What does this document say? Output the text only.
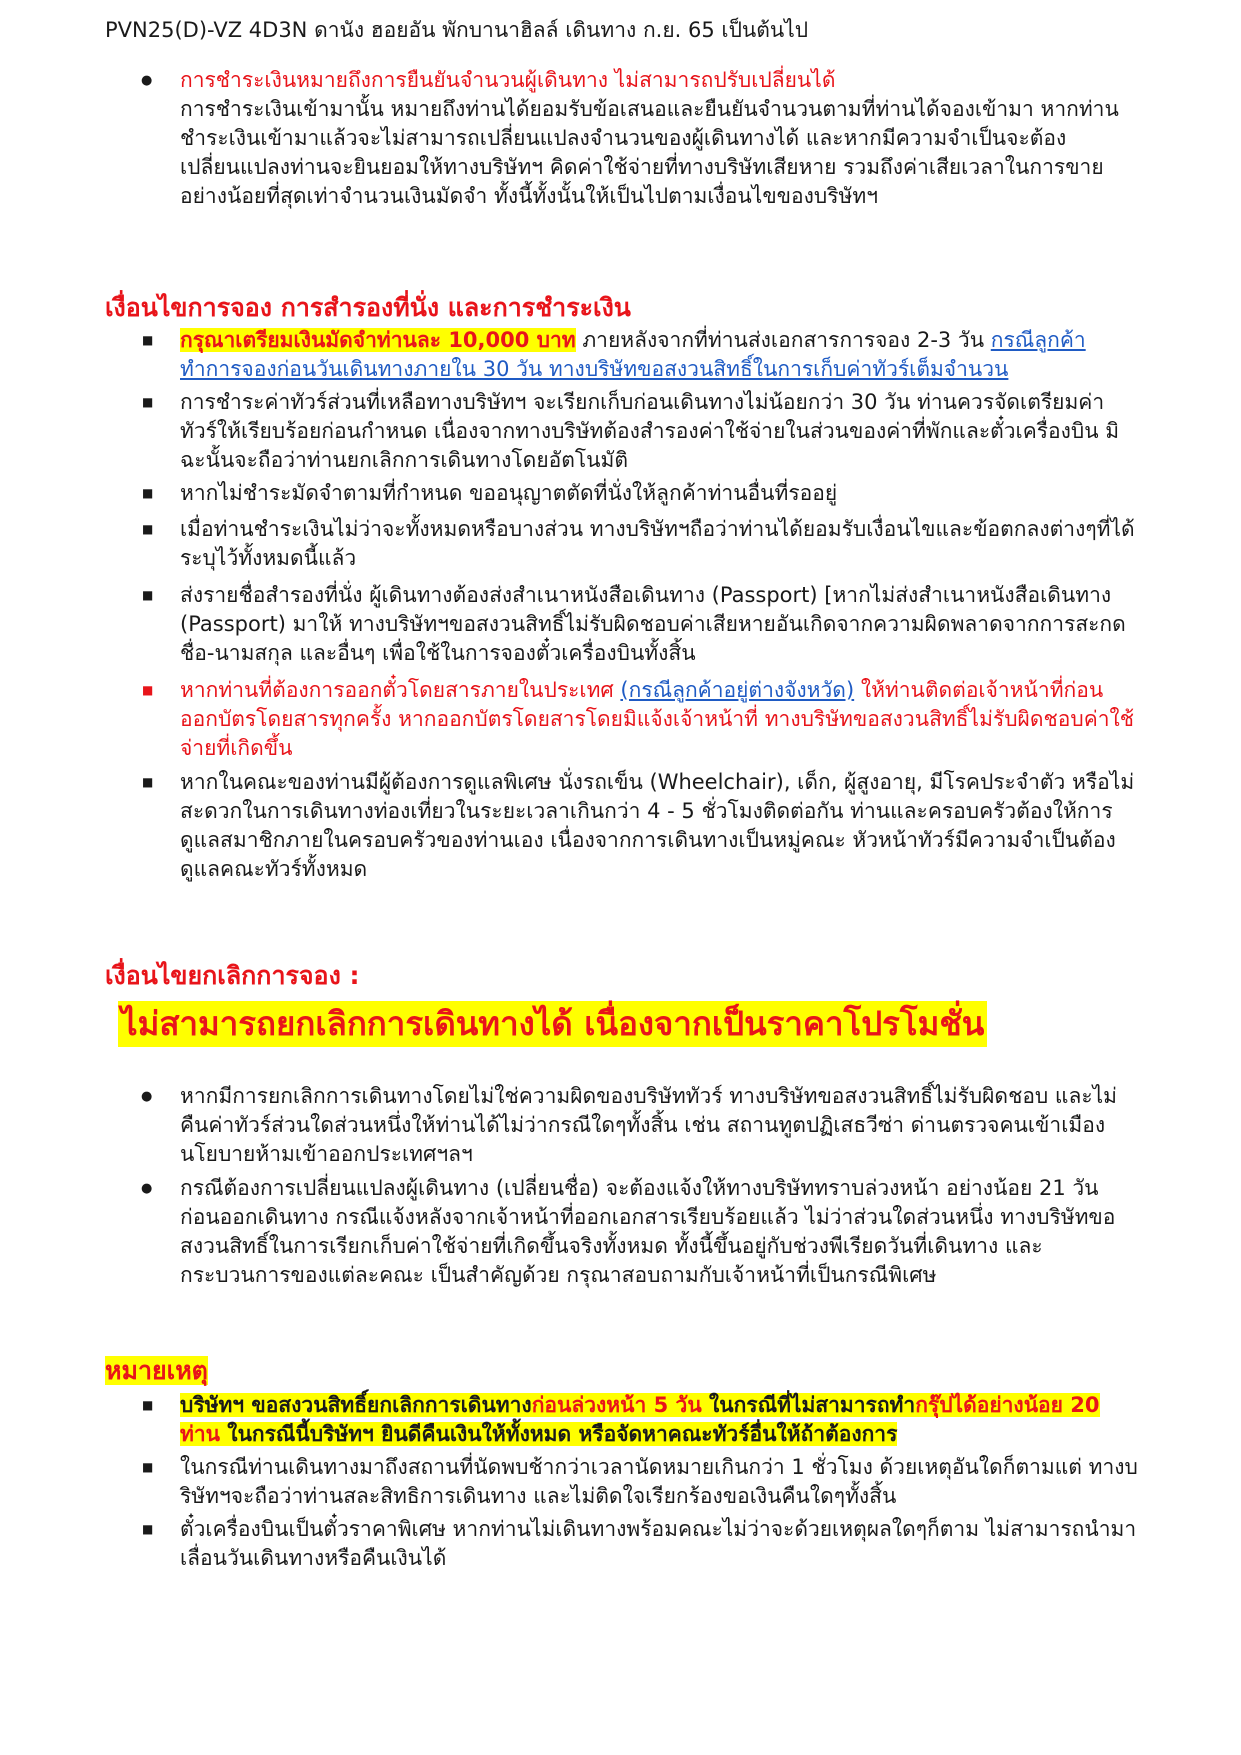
PVN25(D)-VZ 4D3N ดานัง ฮอยอัน พักบานาฮิลล์ เดินทาง ก.ย. 65 เป็นต้นไป
● การชำระเงินหมายถึงการยืนยันจำนวนผู้เดินทาง ไม่สามารถปรับเปลี่ยนได้
การชำระเงินเข้ามานั้น หมายถึงท่านได้ยอมรับข้อเสนอและยืนยันจำนวนตามที่ท่านได้จองเข้ามา หากท่านชำระเงินเข้ามาแล้วจะไม่สามารถเปลี่ยนแปลงจำนวนของผู้เดินทางได้ และหากมีความจำเป็นจะต้องเปลี่ยนแปลงท่านจะยินยอมให้ทางบริษัทฯ คิดค่าใช้จ่ายที่ทางบริษัทเสียหาย รวมถึงค่าเสียเวลาในการขาย อย่างน้อยที่สุดเท่าจำนวนเงินมัดจำ ทั้งนี้ทั้งนั้นให้เป็นไปตามเงื่อนไขของบริษัทฯ
เงื่อนไขการจอง การสำรองที่นั่ง และการชำระเงิน
■ กรุณาเตรียมเงินมัดจำท่านละ 10,000 บาท ภายหลังจากที่ท่านส่งเอกสารการจอง 2-3 วัน กรณีลูกค้าทำการจองก่อนวันเดินทางภายใน 30 วัน ทางบริษัทขอสงวนสิทธิ์ในการเก็บค่าทัวร์เต็มจำนวน
■ การชำระค่าทัวร์ส่วนที่เหลือทางบริษัทฯ จะเรียกเก็บก่อนเดินทางไม่น้อยกว่า 30 วัน ท่านควรจัดเตรียมค่าทัวร์ให้เรียบร้อยก่อนกำหนด เนื่องจากทางบริษัทต้องสำรองค่าใช้จ่ายในส่วนของค่าที่พักและตั๋วเครื่องบิน มิฉะนั้นจะถือว่าท่านยกเลิกการเดินทางโดยอัตโนมัติ
■ หากไม่ชำระมัดจำตามที่กำหนด ขออนุญาตตัดที่นั่งให้ลูกค้าท่านอื่นที่รออยู่
■ เมื่อท่านชำระเงินไม่ว่าจะทั้งหมดหรือบางส่วน ทางบริษัทฯถือว่าท่านได้ยอมรับเงื่อนไขและข้อตกลงต่างๆที่ได้ระบุไว้ทั้งหมดนี้แล้ว
■ ส่งรายชื่อสำรองที่นั่ง ผู้เดินทางต้องส่งสำเนาหนังสือเดินทาง (Passport) [หากไม่ส่งสำเนาหนังสือเดินทาง (Passport) มาให้ ทางบริษัทฯขอสงวนสิทธิ์ไม่รับผิดชอบค่าเสียหายอันเกิดจากความผิดพลาดจากการสะกดชื่อ-นามสกุล และอื่นๆ เพื่อใช้ในการจองตั๋วเครื่องบินทั้งสิ้น
■ หากท่านที่ต้องการออกตั๋วโดยสารภายในประเทศ (กรณีลูกค้าอยู่ต่างจังหวัด) ให้ท่านติดต่อเจ้าหน้าที่ก่อนออกบัตรโดยสารทุกครั้ง หากออกบัตรโดยสารโดยมิแจ้งเจ้าหน้าที่ ทางบริษัทขอสงวนสิทธิ์ไม่รับผิดชอบค่าใช้จ่ายที่เกิดขึ้น
■ หากในคณะของท่านมีผู้ต้องการดูแลพิเศษ นั่งรถเข็น (Wheelchair), เด็ก, ผู้สูงอายุ, มีโรคประจำตัว หรือไม่สะดวกในการเดินทางท่องเที่ยวในระยะเวลาเกินกว่า 4 - 5 ชั่วโมงติดต่อกัน ท่านและครอบครัวต้องให้การดูแลสมาชิกภายในครอบครัวของท่านเอง เนื่องจากการเดินทางเป็นหมู่คณะ หัวหน้าทัวร์มีความจำเป็นต้องดูแลคณะทัวร์ทั้งหมด
เงื่อนไขยกเลิกการจอง :
ไม่สามารถยกเลิกการเดินทางได้ เนื่องจากเป็นราคาโปรโมชั่น
● หากมีการยกเลิกการเดินทางโดยไม่ใช่ความผิดของบริษัททัวร์ ทางบริษัทขอสงวนสิทธิ์ไม่รับผิดชอบ และไม่คืนค่าทัวร์ส่วนใดส่วนหนึ่งให้ท่านได้ไม่ว่ากรณีใดๆทั้งสิ้น เช่น สถานทูตปฏิเสธวีซ่า ด่านตรวจคนเข้าเมือง นโยบายห้ามเข้าออกประเทศฯลฯ
● กรณีต้องการเปลี่ยนแปลงผู้เดินทาง (เปลี่ยนชื่อ) จะต้องแจ้งให้ทางบริษัททราบล่วงหน้า อย่างน้อย 21 วัน ก่อนออกเดินทาง กรณีแจ้งหลังจากเจ้าหน้าที่ออกเอกสารเรียบร้อยแล้ว ไม่ว่าส่วนใดส่วนหนึ่ง ทางบริษัทขอสงวนสิทธิ์ในการเรียกเก็บค่าใช้จ่ายที่เกิดขึ้นจริงทั้งหมด ทั้งนี้ขึ้นอยู่กับช่วงพีเรียดวันที่เดินทาง และกระบวนการของแต่ละคณะ เป็นสำคัญด้วย กรุณาสอบถามกับเจ้าหน้าที่เป็นกรณีพิเศษ
หมายเหตุ
■ บริษัทฯ ขอสงวนสิทธิ์ยกเลิกการเดินทางก่อนล่วงหน้า 5 วัน ในกรณีที่ไม่สามารถทำกรุ๊ปได้อย่างน้อย 20 ท่าน ในกรณีนี้บริษัทฯ ยินดีคืนเงินให้ทั้งหมด หรือจัดหาคณะทัวร์อื่นให้ถ้าต้องการ
■ ในกรณีท่านเดินทางมาถึงสถานที่นัดพบช้ากว่าเวลานัดหมายเกินกว่า 1 ชั่วโมง ด้วยเหตุอันใดก็ตามแต่ ทางบริษัทฯจะถือว่าท่านสละสิทธิการเดินทาง และไม่ติดใจเรียกร้องขอเงินคืนใดๆทั้งสิ้น
■ ตั๋วเครื่องบินเป็นตั๋วราคาพิเศษ หากท่านไม่เดินทางพร้อมคณะไม่ว่าจะด้วยเหตุผลใดๆก็ตาม ไม่สามารถนำมาเลื่อนวันเดินทางหรือคืนเงินได้
